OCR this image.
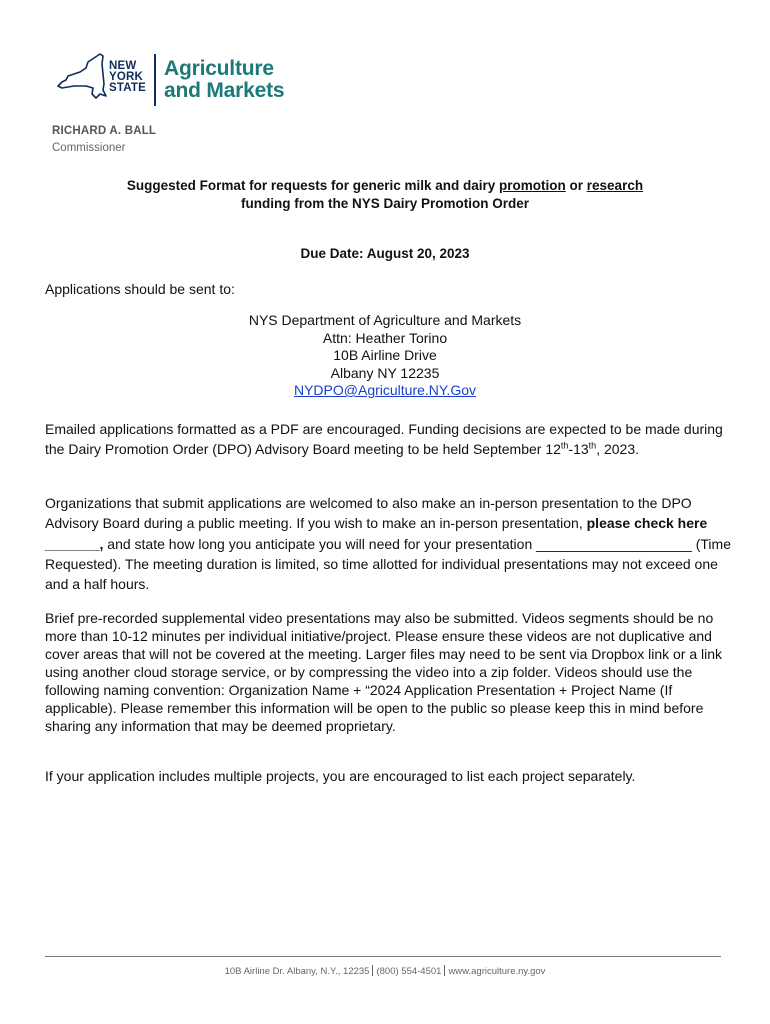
NEW
YORK
STATE
Agriculture
and Markets
RICHARD A. BALL
Commissioner
Suggested Format for requests for generic milk and dairy promotion or research
funding from the NYS Dairy Promotion Order
Due Date: August 20, 2023
Applications should be sent to:
NYS Department of Agriculture and Markets
Attn: Heather Torino
10B Airline Drive
Albany NY 12235
NYDPO@Agriculture.NY.Gov
Emailed applications formatted as a PDF are encouraged. Funding decisions are expected to be made during the Dairy Promotion Order (DPO) Advisory Board meeting to be held September 12th-13th, 2023.
Organizations that submit applications are welcomed to also make an in-person presentation to the DPO Advisory Board during a public meeting. If you wish to make an in-person presentation, please check here _______, and state how long you anticipate you will need for your presentation ____________________ (Time Requested). The meeting duration is limited, so time allotted for individual presentations may not exceed one and a half hours.
Brief pre-recorded supplemental video presentations may also be submitted. Videos segments should be no more than 10-12 minutes per individual initiative/project. Please ensure these videos are not duplicative and cover areas that will not be covered at the meeting. Larger files may need to be sent via Dropbox link or a link using another cloud storage service, or by compressing the video into a zip folder. Videos should use the following naming convention: Organization Name + “2024 Application Presentation + Project Name (If applicable). Please remember this information will be open to the public so please keep this in mind before sharing any information that may be deemed proprietary.
If your application includes multiple projects, you are encouraged to list each project separately.
10B Airline Dr. Albany, N.Y., 12235 (800) 554-4501 www.agriculture.ny.gov
